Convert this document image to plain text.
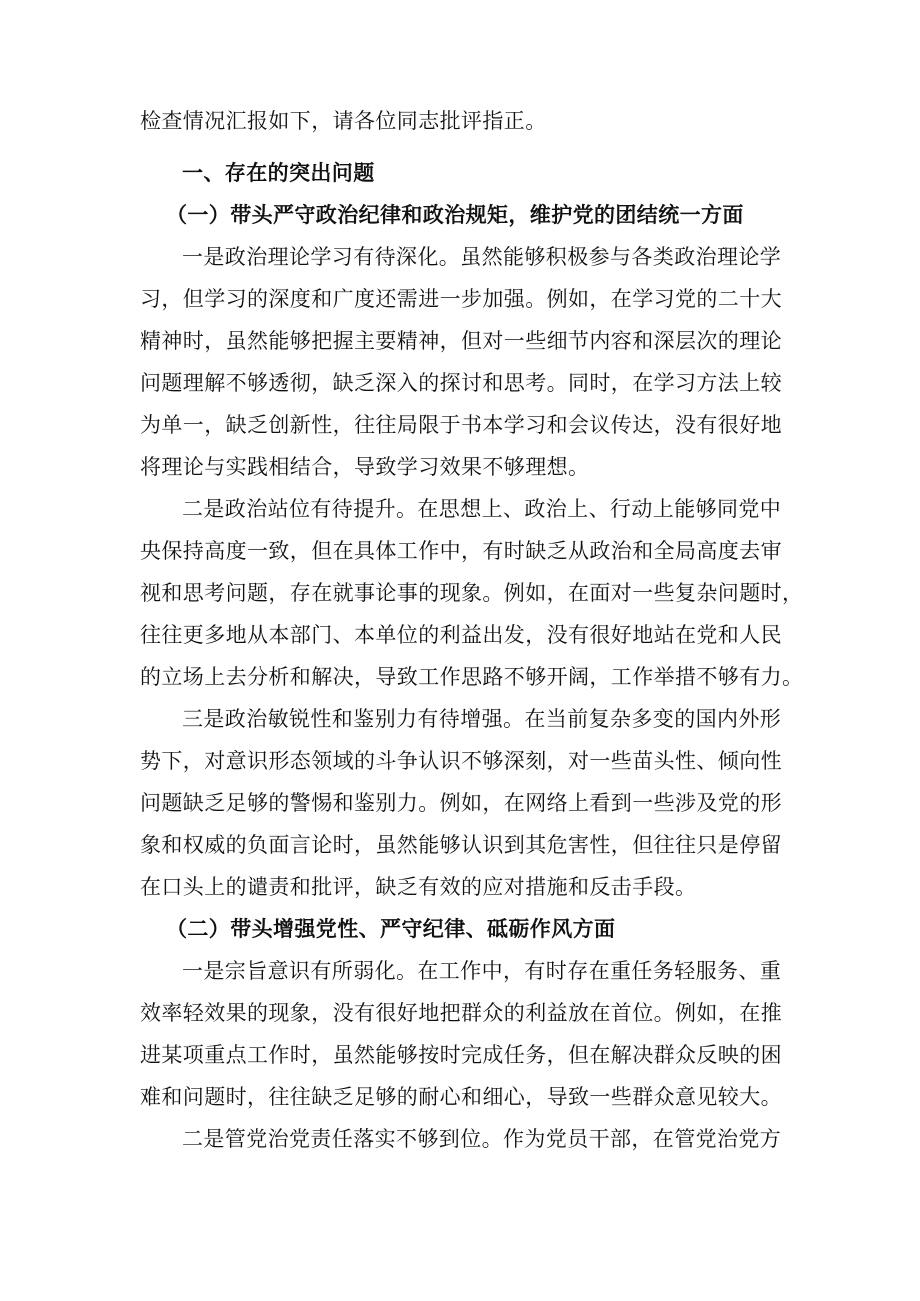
检查情况汇报如下，请各位同志批评指正。
一、存在的突出问题
（一）带头严守政治纪律和政治规矩，维护党的团结统一方面
一是政治理论学习有待深化。虽然能够积极参与各类政治理论学
习，但学习的深度和广度还需进一步加强。例如，在学习党的二十大
精神时，虽然能够把握主要精神，但对一些细节内容和深层次的理论
问题理解不够透彻，缺乏深入的探讨和思考。同时，在学习方法上较
为单一，缺乏创新性，往往局限于书本学习和会议传达，没有很好地
将理论与实践相结合，导致学习效果不够理想。
二是政治站位有待提升。在思想上、政治上、行动上能够同党中
央保持高度一致，但在具体工作中，有时缺乏从政治和全局高度去审
视和思考问题，存在就事论事的现象。例如，在面对一些复杂问题时，
往往更多地从本部门、本单位的利益出发，没有很好地站在党和人民
的立场上去分析和解决，导致工作思路不够开阔，工作举措不够有力。
三是政治敏锐性和鉴别力有待增强。在当前复杂多变的国内外形
势下，对意识形态领域的斗争认识不够深刻，对一些苗头性、倾向性
问题缺乏足够的警惕和鉴别力。例如，在网络上看到一些涉及党的形
象和权威的负面言论时，虽然能够认识到其危害性，但往往只是停留
在口头上的谴责和批评，缺乏有效的应对措施和反击手段。
（二）带头增强党性、严守纪律、砥砺作风方面
一是宗旨意识有所弱化。在工作中，有时存在重任务轻服务、重
效率轻效果的现象，没有很好地把群众的利益放在首位。例如，在推
进某项重点工作时，虽然能够按时完成任务，但在解决群众反映的困
难和问题时，往往缺乏足够的耐心和细心，导致一些群众意见较大。
二是管党治党责任落实不够到位。作为党员干部，在管党治党方
